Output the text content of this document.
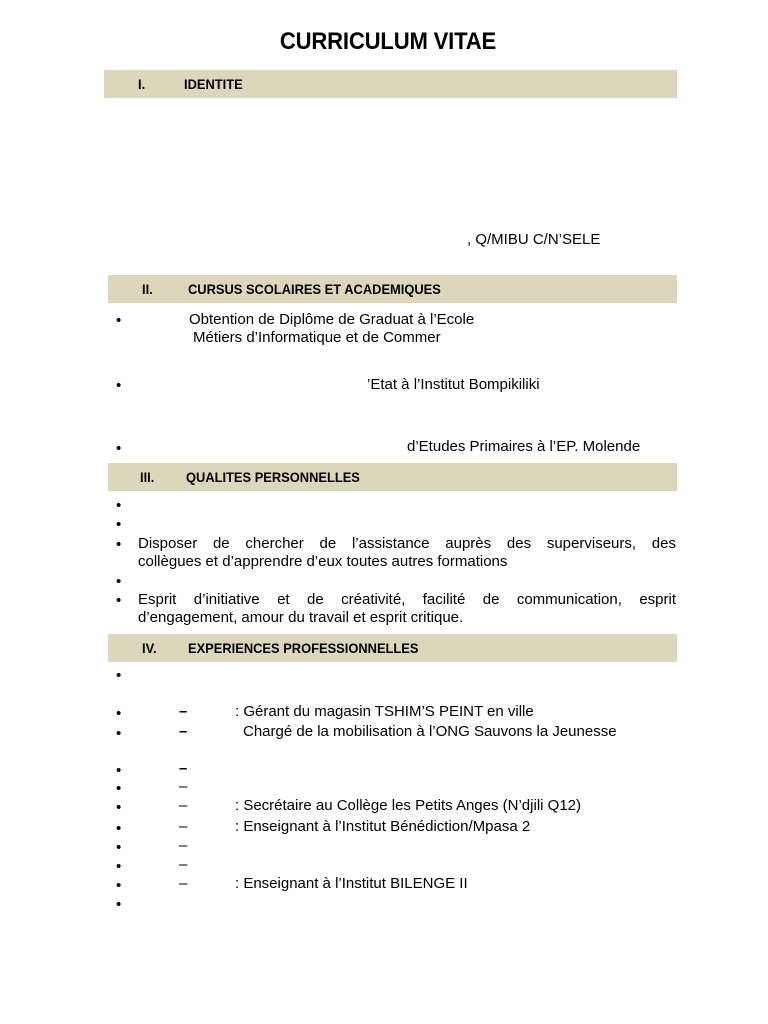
CURRICULUM VITAE
I.	IDENTITE
, Q/MIBU C/N’SELE
II.	CURSUS SCOLAIRES ET ACADEMIQUES
•	Obtention de Diplôme de Graduat à l’Ecole
Métiers d’Informatique et de Commer
•	’Etat à l’Institut Bompikiliki
•	d’Etudes Primaires à l’EP. Molende
III. QUALITES PERSONNELLES
•
•
• Disposer de chercher de l’assistance auprès des superviseurs, des
collègues et d’apprendre d’eux toutes autres formations
•
• Esprit d’initiative et de créativité, facilité de communication, esprit
d’engagement, amour du travail et esprit critique.
IV. EXPERIENCES PROFESSIONNELLES
•
•	–	: Gérant du magasin TSHIM’S PEINT en ville
•	–	Chargé de la mobilisation à l’ONG Sauvons la Jeunesse
•	–
•	–
•	–	: Secrétaire au Collège les Petits Anges (N’djili Q12)
•	–	: Enseignant à l’Institut Bénédiction/Mpasa 2
•	–
•	–
•	–	: Enseignant à l’Institut BILENGE II
•
